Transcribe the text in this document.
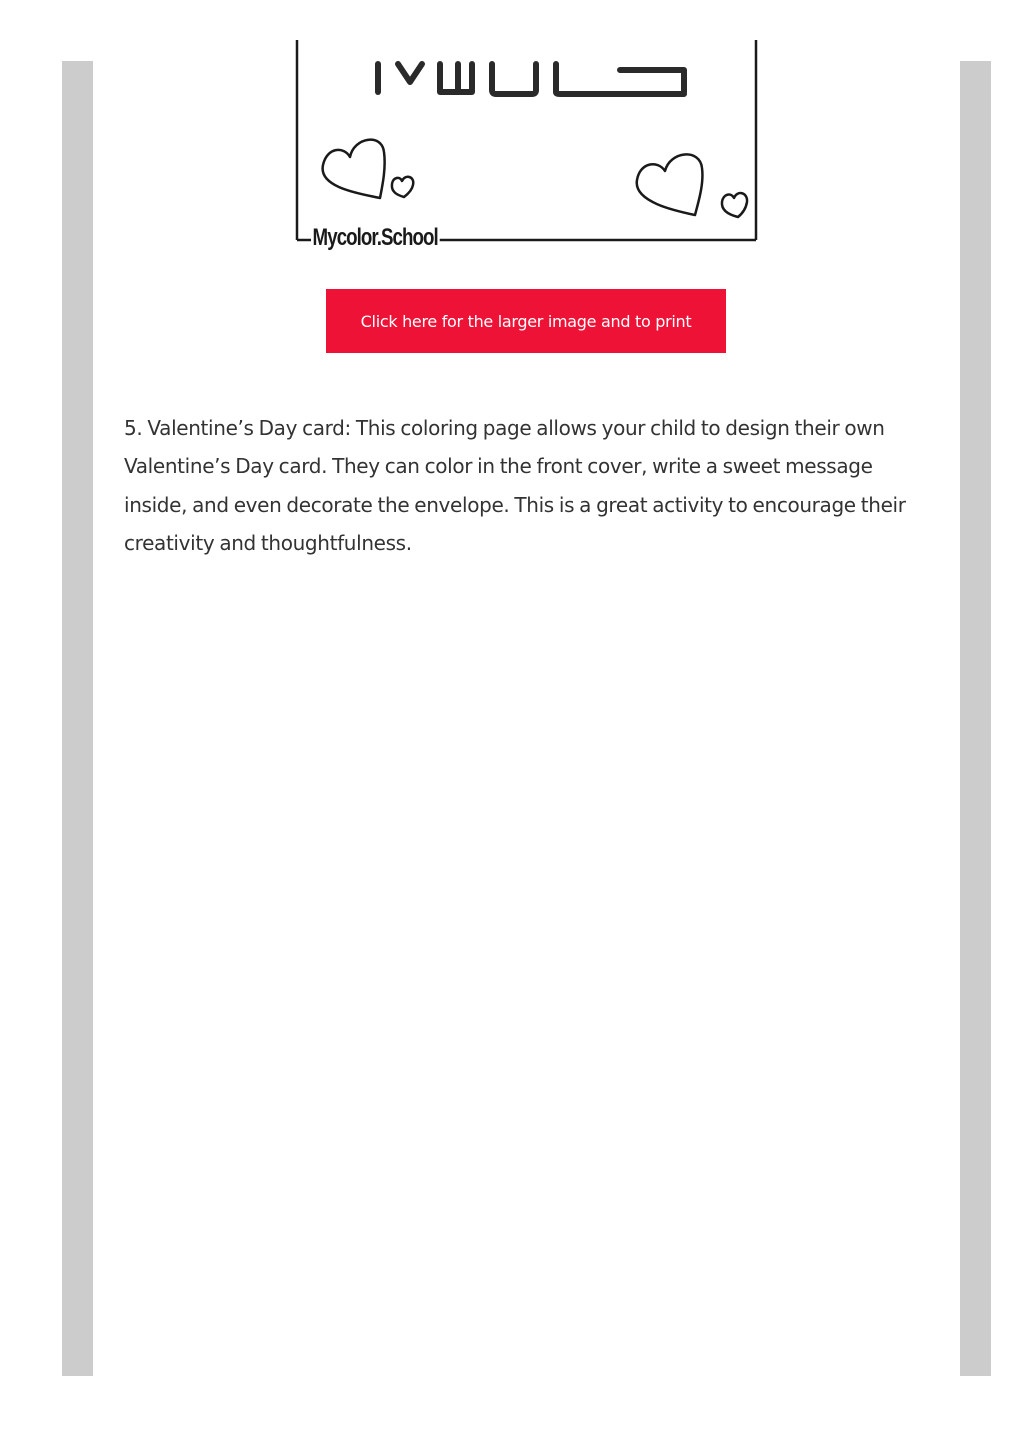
Mycolor.School
Click here for the larger image and to print

5. Valentine’s Day card: This coloring page allows your child to design their own Valentine’s Day card. They can color in the front cover, write a sweet message inside, and even decorate the envelope. This is a great activity to encourage their creativity and thoughtfulness.
